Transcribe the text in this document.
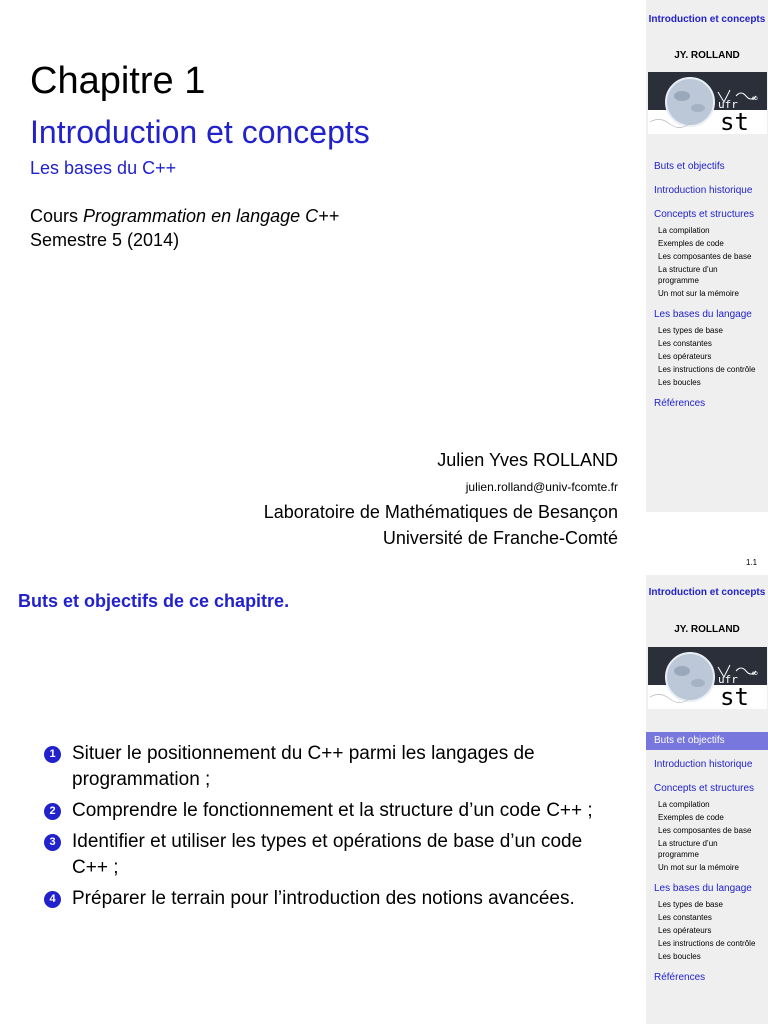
Chapitre 1
Introduction et concepts
Les bases du C++
Cours Programmation en langage C++
Semestre 5 (2014)
Julien Yves ROLLAND
julien.rolland@univ-fcomte.fr
Laboratoire de Mathématiques de Besançon
Université de Franche-Comté
Introduction et concepts
JY. ROLLAND
∞
ufr
st
Buts et objectifs
Introduction historique
Concepts et structures
La compilation
Exemples de code
Les composantes de base
La structure d’un programme
Un mot sur la mémoire
Les bases du langage
Les types de base
Les constantes
Les opérateurs
Les instructions de contrôle
Les boucles
Références
1.1
Buts et objectifs de ce chapitre.
1 Situer le positionnement du C++ parmi les langages de programmation ;
2 Comprendre le fonctionnement et la structure d’un code C++ ;
3 Identifier et utiliser les types et opérations de base d’un code C++ ;
4 Préparer le terrain pour l’introduction des notions avancées.
Introduction et concepts
JY. ROLLAND
∞
ufr
st
Buts et objectifs
Introduction historique
Concepts et structures
La compilation
Exemples de code
Les composantes de base
La structure d’un programme
Un mot sur la mémoire
Les bases du langage
Les types de base
Les constantes
Les opérateurs
Les instructions de contrôle
Les boucles
Références
